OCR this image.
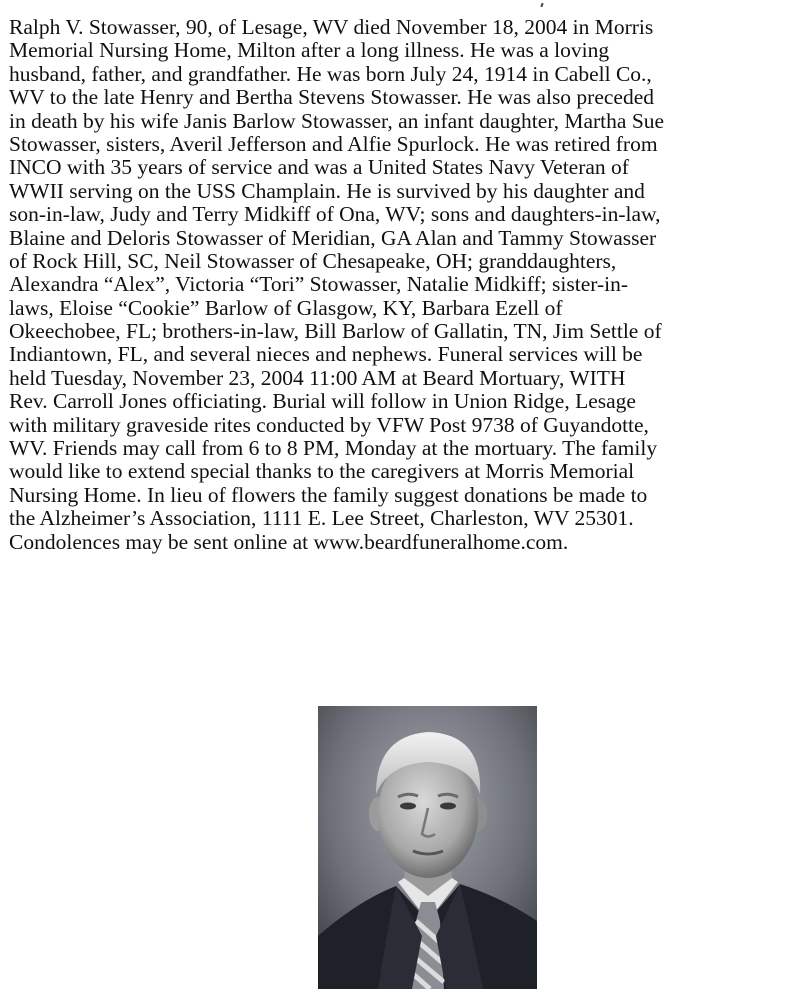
Ralph V. Stowasser, 90, of Lesage, WV died November 18, 2004 in Morris
Memorial Nursing Home, Milton after a long illness. He was a loving
husband, father, and grandfather. He was born July 24, 1914 in Cabell Co.,
WV to the late Henry and Bertha Stevens Stowasser. He was also preceded
in death by his wife Janis Barlow Stowasser, an infant daughter, Martha Sue
Stowasser, sisters, Averil Jefferson and Alfie Spurlock. He was retired from
INCO with 35 years of service and was a United States Navy Veteran of
WWII serving on the USS Champlain. He is survived by his daughter and
son-in-law, Judy and Terry Midkiff of Ona, WV; sons and daughters-in-law,
Blaine and Deloris Stowasser of Meridian, GA Alan and Tammy Stowasser
of Rock Hill, SC, Neil Stowasser of Chesapeake, OH; granddaughters,
Alexandra “Alex”, Victoria “Tori” Stowasser, Natalie Midkiff; sister-in-
laws, Eloise “Cookie” Barlow of Glasgow, KY, Barbara Ezell of
Okeechobee, FL; brothers-in-law, Bill Barlow of Gallatin, TN, Jim Settle of
Indiantown, FL, and several nieces and nephews. Funeral services will be
held Tuesday, November 23, 2004 11:00 AM at Beard Mortuary, WITH
Rev. Carroll Jones officiating. Burial will follow in Union Ridge, Lesage
with military graveside rites conducted by VFW Post 9738 of Guyandotte,
WV. Friends may call from 6 to 8 PM, Monday at the mortuary. The family
would like to extend special thanks to the caregivers at Morris Memorial
Nursing Home. In lieu of flowers the family suggest donations be made to
the Alzheimer’s Association, 1111 E. Lee Street, Charleston, WV 25301.
Condolences may be sent online at www.beardfuneralhome.com.
